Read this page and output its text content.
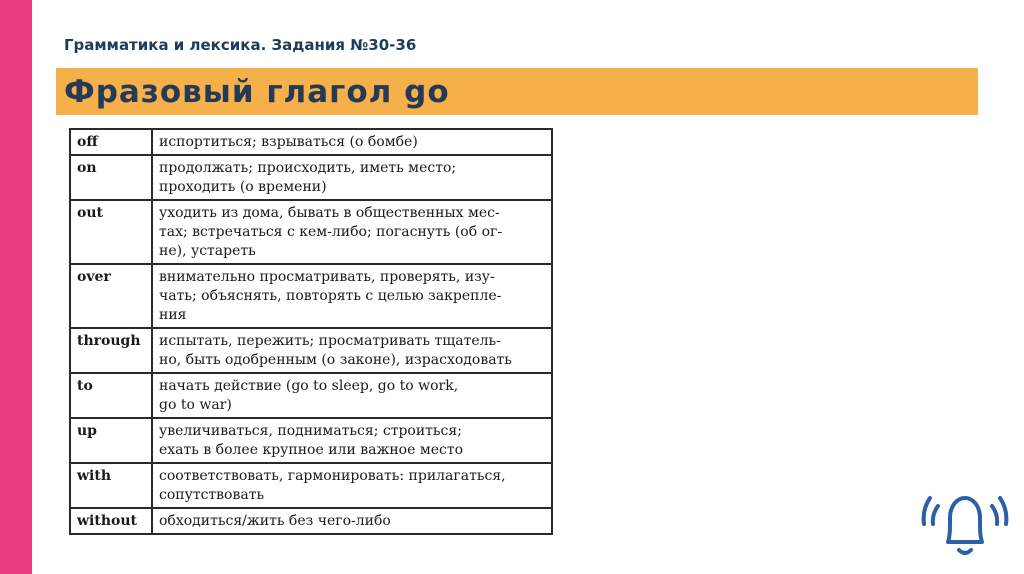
Грамматика и лексика. Задания №30-36
Фразовый глагол go
off	испортиться; взрываться (о бомбе)

on	продолжать; происходить, иметь место;
проходить (о времени)

out	уходить из дома, бывать в общественных мес-
тах; встречаться с кем-либо; погаснуть (об ог-
не), устареть

over	внимательно просматривать, проверять, изу-
чать; объяснять, повторять с целью закрепле-
ния

through	испытать, пережить; просматривать тщатель-
но, быть одобренным (о законе), израсходовать

to	начать действие (go to sleep, go to work,
go to war)

up	увеличиваться, подниматься; строиться;
ехать в более крупное или важное место

with	соответствовать, гармонировать: прилагаться,
сопутствовать

without	обходиться/жить без чего-либо
